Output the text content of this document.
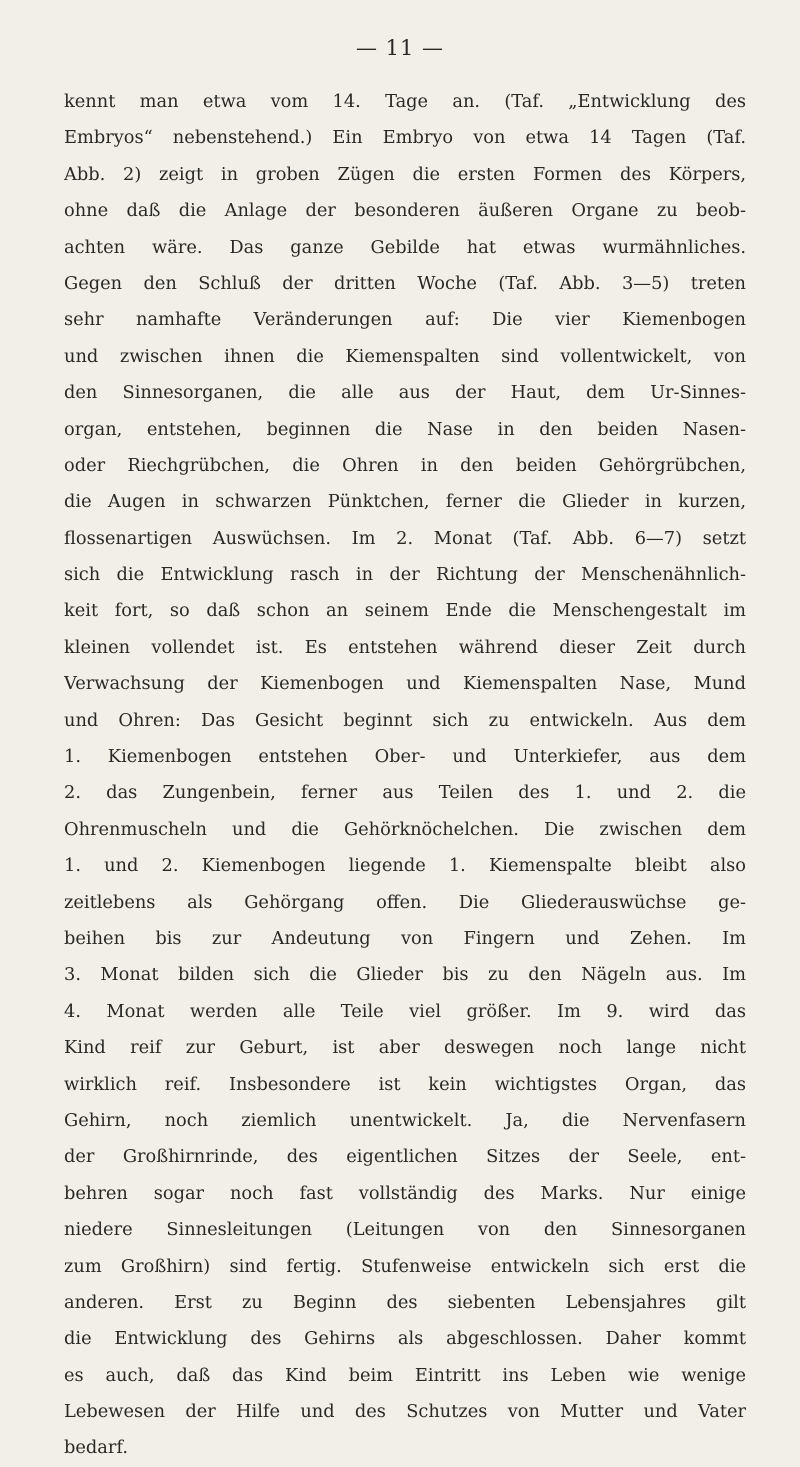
— 11 —
kennt man etwa vom 14. Tage an. (Taf. „Entwicklung des
Embryos“ nebenstehend.) Ein Embryo von etwa 14 Tagen (Taf.
Abb. 2) zeigt in groben Zügen die ersten Formen des Körpers,
ohne daß die Anlage der besonderen äußeren Organe zu beob-
achten wäre. Das ganze Gebilde hat etwas wurmähnliches.
Gegen den Schluß der dritten Woche (Taf. Abb. 3—5) treten
sehr namhafte Veränderungen auf: Die vier Kiemenbogen
und zwischen ihnen die Kiemenspalten sind vollentwickelt, von
den Sinnesorganen, die alle aus der Haut, dem Ur-Sinnes-
organ, entstehen, beginnen die Nase in den beiden Nasen-
oder Riechgrübchen, die Ohren in den beiden Gehörgrübchen,
die Augen in schwarzen Pünktchen, ferner die Glieder in kurzen,
flossenartigen Auswüchsen. Im 2. Monat (Taf. Abb. 6—7) setzt
sich die Entwicklung rasch in der Richtung der Menschenähnlich-
keit fort, so daß schon an seinem Ende die Menschengestalt im
kleinen vollendet ist. Es entstehen während dieser Zeit durch
Verwachsung der Kiemenbogen und Kiemenspalten Nase, Mund
und Ohren: Das Gesicht beginnt sich zu entwickeln. Aus dem
1. Kiemenbogen entstehen Ober- und Unterkiefer, aus dem
2. das Zungenbein, ferner aus Teilen des 1. und 2. die
Ohrenmuscheln und die Gehörknöchelchen. Die zwischen dem
1. und 2. Kiemenbogen liegende 1. Kiemenspalte bleibt also
zeitlebens als Gehörgang offen. Die Gliederauswüchse ge-
beihen bis zur Andeutung von Fingern und Zehen. Im
3. Monat bilden sich die Glieder bis zu den Nägeln aus. Im
4. Monat werden alle Teile viel größer. Im 9. wird das
Kind reif zur Geburt, ist aber deswegen noch lange nicht
wirklich reif. Insbesondere ist kein wichtigstes Organ, das
Gehirn, noch ziemlich unentwickelt. Ja, die Nervenfasern
der Großhirnrinde, des eigentlichen Sitzes der Seele, ent-
behren sogar noch fast vollständig des Marks. Nur einige
niedere Sinnesleitungen (Leitungen von den Sinnesorganen
zum Großhirn) sind fertig. Stufenweise entwickeln sich erst die
anderen. Erst zu Beginn des siebenten Lebensjahres gilt
die Entwicklung des Gehirns als abgeschlossen. Daher kommt
es auch, daß das Kind beim Eintritt ins Leben wie wenige
Lebewesen der Hilfe und des Schutzes von Mutter und Vater
bedarf.
